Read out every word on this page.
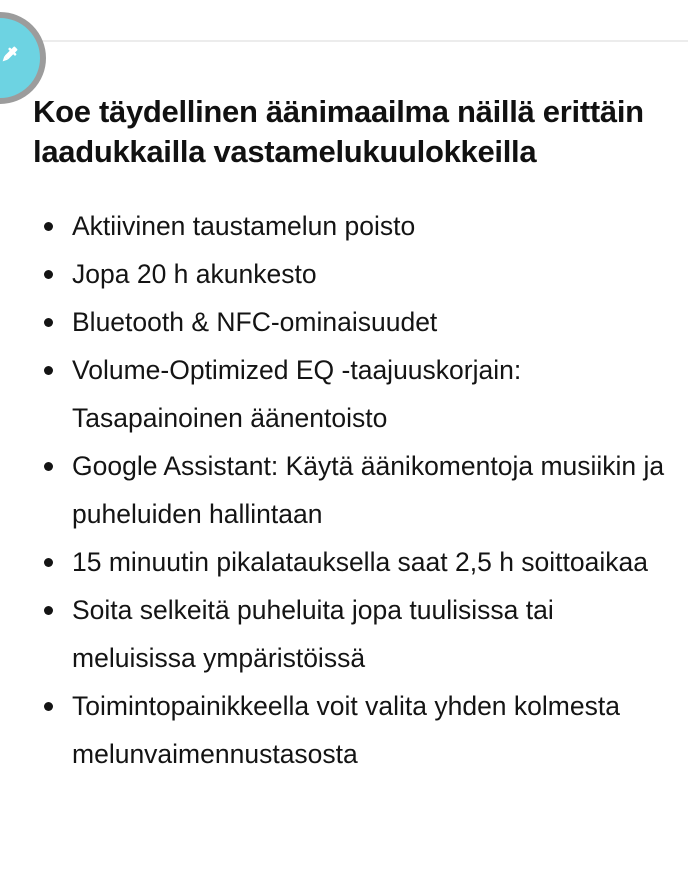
Koe täydellinen äänimaailma näillä erittäin laadukkailla vastamelukuulokkeilla
Aktiivinen taustamelun poisto
Jopa 20 h akunkesto
Bluetooth & NFC-ominaisuudet
Volume-Optimized EQ -taajuuskorjain: Tasapainoinen äänentoisto
Google Assistant: Käytä äänikomentoja musiikin ja puheluiden hallintaan
15 minuutin pikalatauksella saat 2,5 h soittoaikaa
Soita selkeitä puheluita jopa tuulisissa tai meluisissa ympäristöissä
Toimintopainikkeella voit valita yhden kolmesta melunvaimennustasosta
